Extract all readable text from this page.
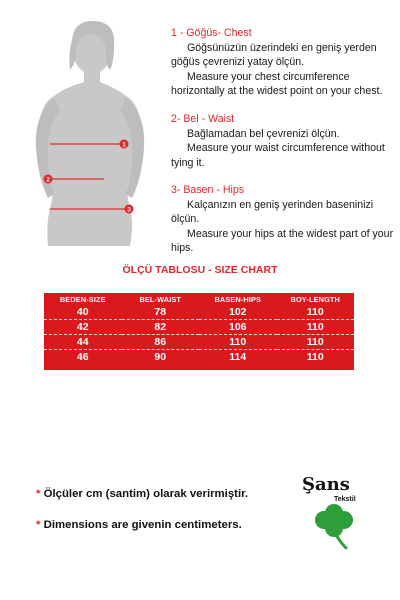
1
2
3
1 - Göğüs- Chest

Göğsünüzün üzerindeki en geniş yerden göğüs çevrenizi yatay ölçün.

Measure your chest circumference horizontally at the widest point on your chest.

2- Bel - Waist

Bağlamadan bel çevrenizi ölçün.

Measure your waist circumference without tying it.

3- Basen - Hips

Kalçanızın en geniş yerinden baseninizi ölçün.

Measure your hips at the widest part of your hips.

ÖLÇÜ TABLOSU - SIZE CHART
BEDEN-SIZE	BEL-WAIST	BASEN-HIPS	BOY-LENGTH
40	78	102	110
42	82	106	110
44	86	110	110
46	90	114	110
* Ölçüler cm (santim) olarak verirmiştir.
* Dimensions are givenin centimeters.
Şans
Tekstil
